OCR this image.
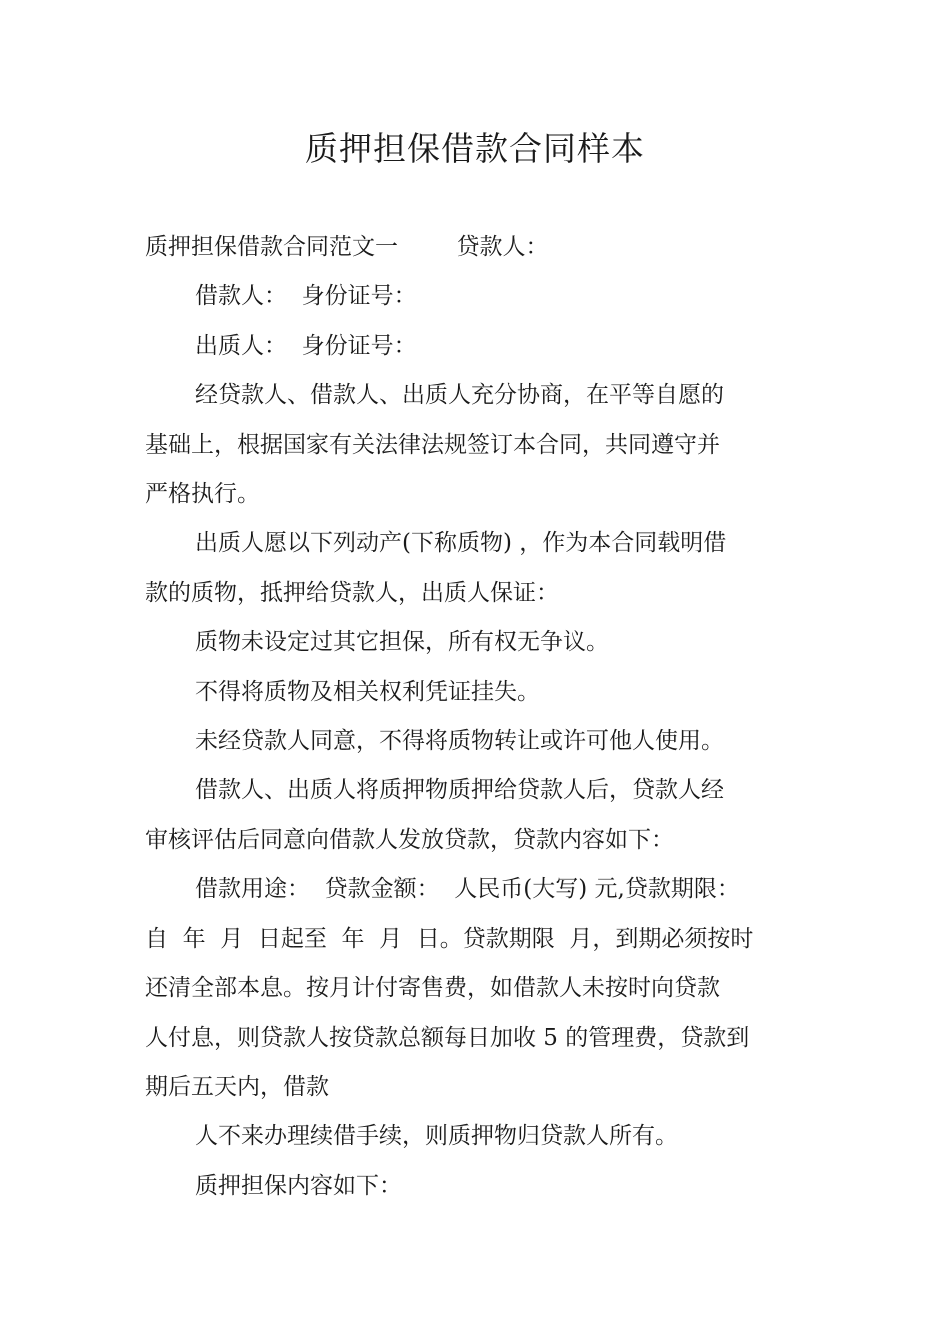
质押担保借款合同样本

质押担保借款合同范文一        贷款人：

借款人：  身份证号：

出质人：  身份证号：

经贷款人、借款人、出质人充分协商，在平等自愿的

基础上，根据国家有关法律法规签订本合同，共同遵守并

严格执行。

出质人愿以下列动产(下称质物) ，作为本合同载明借

款的质物，抵押给贷款人，出质人保证：

质物未设定过其它担保，所有权无争议。

不得将质物及相关权利凭证挂失。

未经贷款人同意，不得将质物转让或许可他人使用。

借款人、出质人将质押物质押给贷款人后，贷款人经

审核评估后同意向借款人发放贷款，贷款内容如下：

借款用途：  贷款金额：  人民币(大写) 元,贷款期限：

自  年  月  日起至  年  月  日。贷款期限  月，到期必须按时

还清全部本息。按月计付寄售费，如借款人未按时向贷款

人付息，则贷款人按贷款总额每日加收 5 的管理费，贷款到

期后五天内，借款

人不来办理续借手续，则质押物归贷款人所有。

质押担保内容如下：
